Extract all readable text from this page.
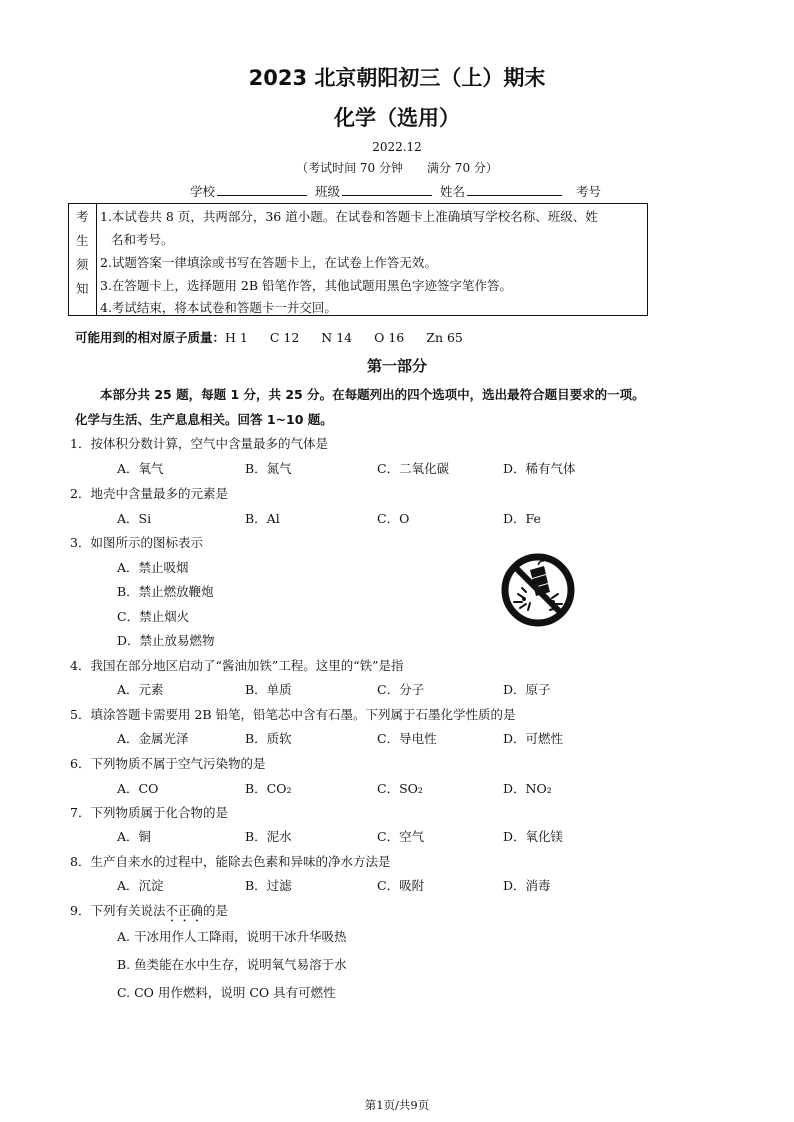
2023 北京朝阳初三（上）期末
化学（选用）
2022.12
（考试时间 70 分钟　　满分 70 分）
学校	班级	姓名	考号
考
生
须
知
1.本试卷共 8 页，共两部分，36 道小题。在试卷和答题卡上准确填写学校名称、班级、姓
名和考号。
2.试题答案一律填涂或书写在答题卡上，在试卷上作答无效。
3.在答题卡上，选择题用 2B 铅笔作答，其他试题用黑色字迹签字笔作答。
4.考试结束，将本试卷和答题卡一并交回。
可能用到的相对原子质量：H 1 C 12 N 14 O 16 Zn 65
第一部分
本部分共 25 题，每题 1 分，共 25 分。在每题列出的四个选项中，选出最符合题目要求的一项。
化学与生活、生产息息相关。回答 1~10 题。
1．按体积分数计算，空气中含量最多的气体是
A．氧气	B．氮气	C．二氧化碳	D．稀有气体
2．地壳中含量最多的元素是
A．Si	B．Al	C．O	D．Fe
3．如图所示的图标表示
A．禁止吸烟
B．禁止燃放鞭炮
C．禁止烟火
D．禁止放易燃物
4．我国在部分地区启动了“酱油加铁”工程。这里的“铁”是指
A．元素	B．单质	C．分子	D．原子
5．填涂答题卡需要用 2B 铅笔，铅笔芯中含有石墨。下列属于石墨化学性质的是
A．金属光泽	B．质软	C．导电性	D．可燃性
6．下列物质不属于空气污染物的是
A．CO	B．CO₂	C．SO₂	D．NO₂
7．下列物质属于化合物的是
A．铜	B．泥水	C．空气	D．氧化镁
8．生产自来水的过程中，能除去色素和异味的净水方法是
A．沉淀	B．过滤	C．吸附	D．消毒
9．下列有关说法不正确的是
A. 干冰用作人工降雨，说明干冰升华吸热
B. 鱼类能在水中生存，说明氧气易溶于水
C. CO 用作燃料，说明 CO 具有可燃性
第1页/共9页
